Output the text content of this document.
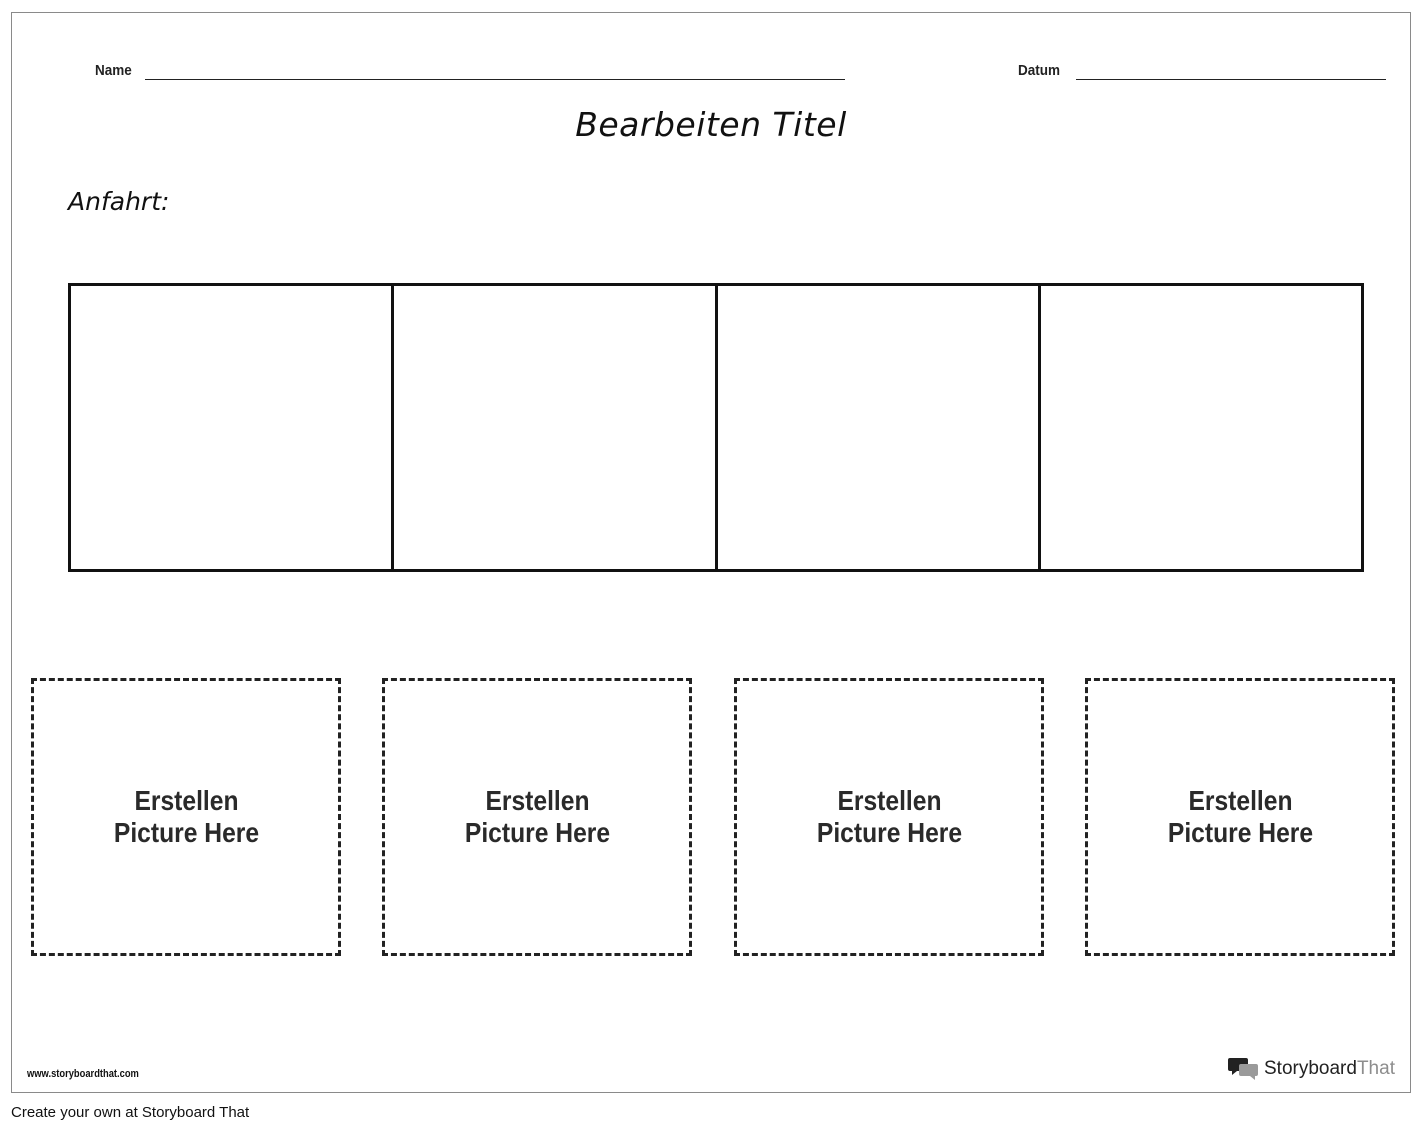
Name	Datum
Bearbeiten Titel
Anfahrt:
Erstellen
Picture Here
Erstellen
Picture Here
Erstellen
Picture Here
Erstellen
Picture Here
www.storyboardthat.com	StoryboardThat
Create your own at Storyboard That
